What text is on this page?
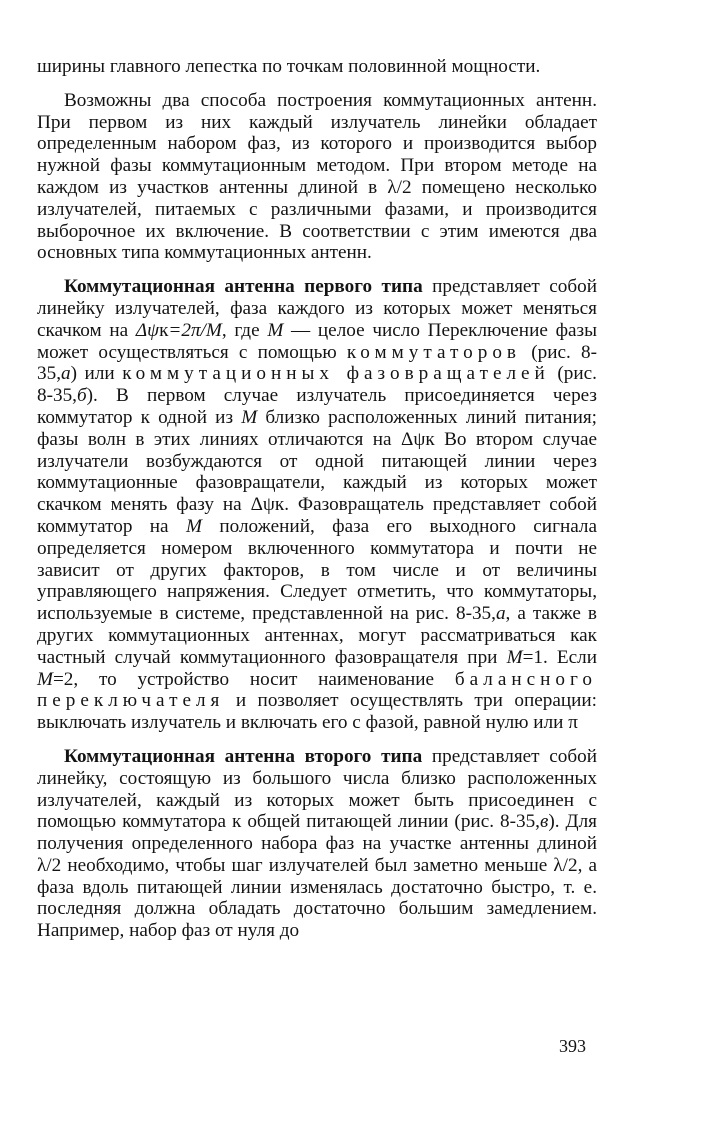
ширины главного лепестка по точкам половинной мощности.

Возможны два способа построения коммутационных антенн. При первом из них каждый излучатель линейки обладает определенным набором фаз, из которого и производится выбор нужной фазы коммутационным методом. При втором методе на каждом из участков антенны длиной в λ/2 помещено несколько излучателей, питаемых с различными фазами, и производится выборочное их включение. В соответствии с этим имеются два основных типа коммутационных антенн.

Коммутационная антенна первого типа представляет собой линейку излучателей, фаза каждого из которых может меняться скачком на Δψк=2π/M, где M — целое число Переключение фазы может осуществляться с помощью коммутаторов (рис. 8-35,а) или коммутационных фазовращателей (рис. 8-35,б). В первом случае излучатель присоединяется через коммутатор к одной из M близко расположенных линий питания; фазы волн в этих линиях отличаются на Δψк Во втором случае излучатели возбуждаются от одной питающей линии через коммутационные фазовращатели, каждый из которых может скачком менять фазу на Δψк. Фазовращатель представляет собой коммутатор на M положений, фаза его выходного сигнала определяется номером включенного коммутатора и почти не зависит от других факторов, в том числе и от величины управляющего напряжения. Следует отметить, что коммутаторы, используемые в системе, представленной на рис. 8-35,а, а также в других коммутационных антеннах, могут рассматриваться как частный случай коммутационного фазовращателя при M=1. Если M=2, то устройство носит наименование балансного переключателя и позволяет осуществлять три операции: выключать излучатель и включать его с фазой, равной нулю или π

Коммутационная антенна второго типа представляет собой линейку, состоящую из большого числа близко расположенных излучателей, каждый из которых может быть присоединен с помощью коммутатора к общей питающей линии (рис. 8-35,в). Для получения определенного набора фаз на участке антенны длиной λ/2 необходимо, чтобы шаг излучателей был заметно меньше λ/2, а фаза вдоль питающей линии изменялась достаточно быстро, т. е. последняя должна обладать достаточно большим замедлением. Например, набор фаз от нуля до

393
